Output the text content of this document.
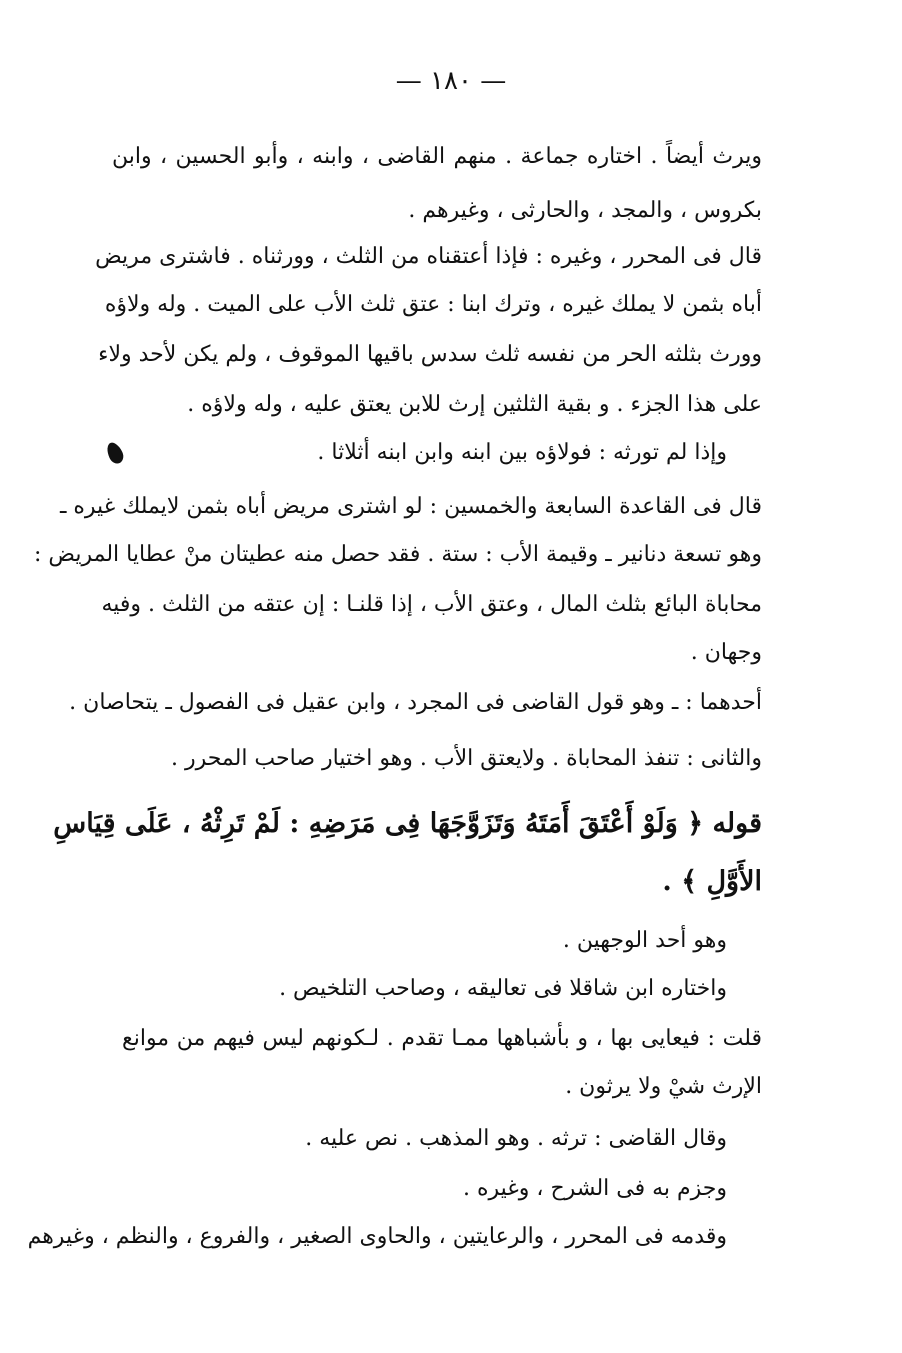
— ١٨٠ —
ويرث أيضاً . اختاره جماعة . منهم القاضى ، وابنه ، وأبو الحسين ، وابن
بكروس ، والمجد ، والحارثى ، وغيرهم .
قال فى المحرر ، وغيره : فإذا أعتقناه من الثلث ، وورثناه . فاشترى مريض
أباه بثمن لا يملك غيره ، وترك ابنا : عتق ثلث الأب على الميت . وله ولاؤه
وورث بثلثه الحر من نفسه ثلث سدس باقيها الموقوف ، ولم يكن لأحد ولاء
على هذا الجزء . و بقية الثلثين إرث للابن يعتق عليه ، وله ولاؤه .
وإذا لم تورثه : فولاؤه بين ابنه وابن ابنه أثلاثا .
قال فى القاعدة السابعة والخمسين : لو اشترى مريض أباه بثمن لايملك غيره ـ
وهو تسعة دنانير ـ وقيمة الأب : ستة . فقد حصل منه عطيتان منْ عطايا المريض :
محاباة البائع بثلث المال ، وعتق الأب ، إذا قلنـا : إن عتقه من الثلث . وفيه
وجهان .
أحدهما : ـ وهو قول القاضى فى المجرد ، وابن عقيل فى الفصول ـ يتحاصان .
والثانى : تنفذ المحاباة . ولايعتق الأب . وهو اختيار صاحب المحرر .
قوله ﴿ وَلَوْ أَعْتَقَ أَمَتَهُ وَتَزَوَّجَهَا فِى مَرَضِهِ : لَمْ تَرِثْهُ ، عَلَى قِيَاسِ
الأَوَّلِ ﴾ .
وهو أحد الوجهين .
واختاره ابن شاقلا فى تعاليقه ، وصاحب التلخيص .
قلت : فيعايى بها ، و بأشباهها ممـا تقدم . لـكونهم ليس فيهم من موانع
الإرث شيْ ولا يرثون .
وقال القاضى : ترثه . وهو المذهب . نص عليه .
وجزم به فى الشرح ، وغيره .
وقدمه فى المحرر ، والرعايتين ، والحاوى الصغير ، والفروع ، والنظم ، وغيرهم
